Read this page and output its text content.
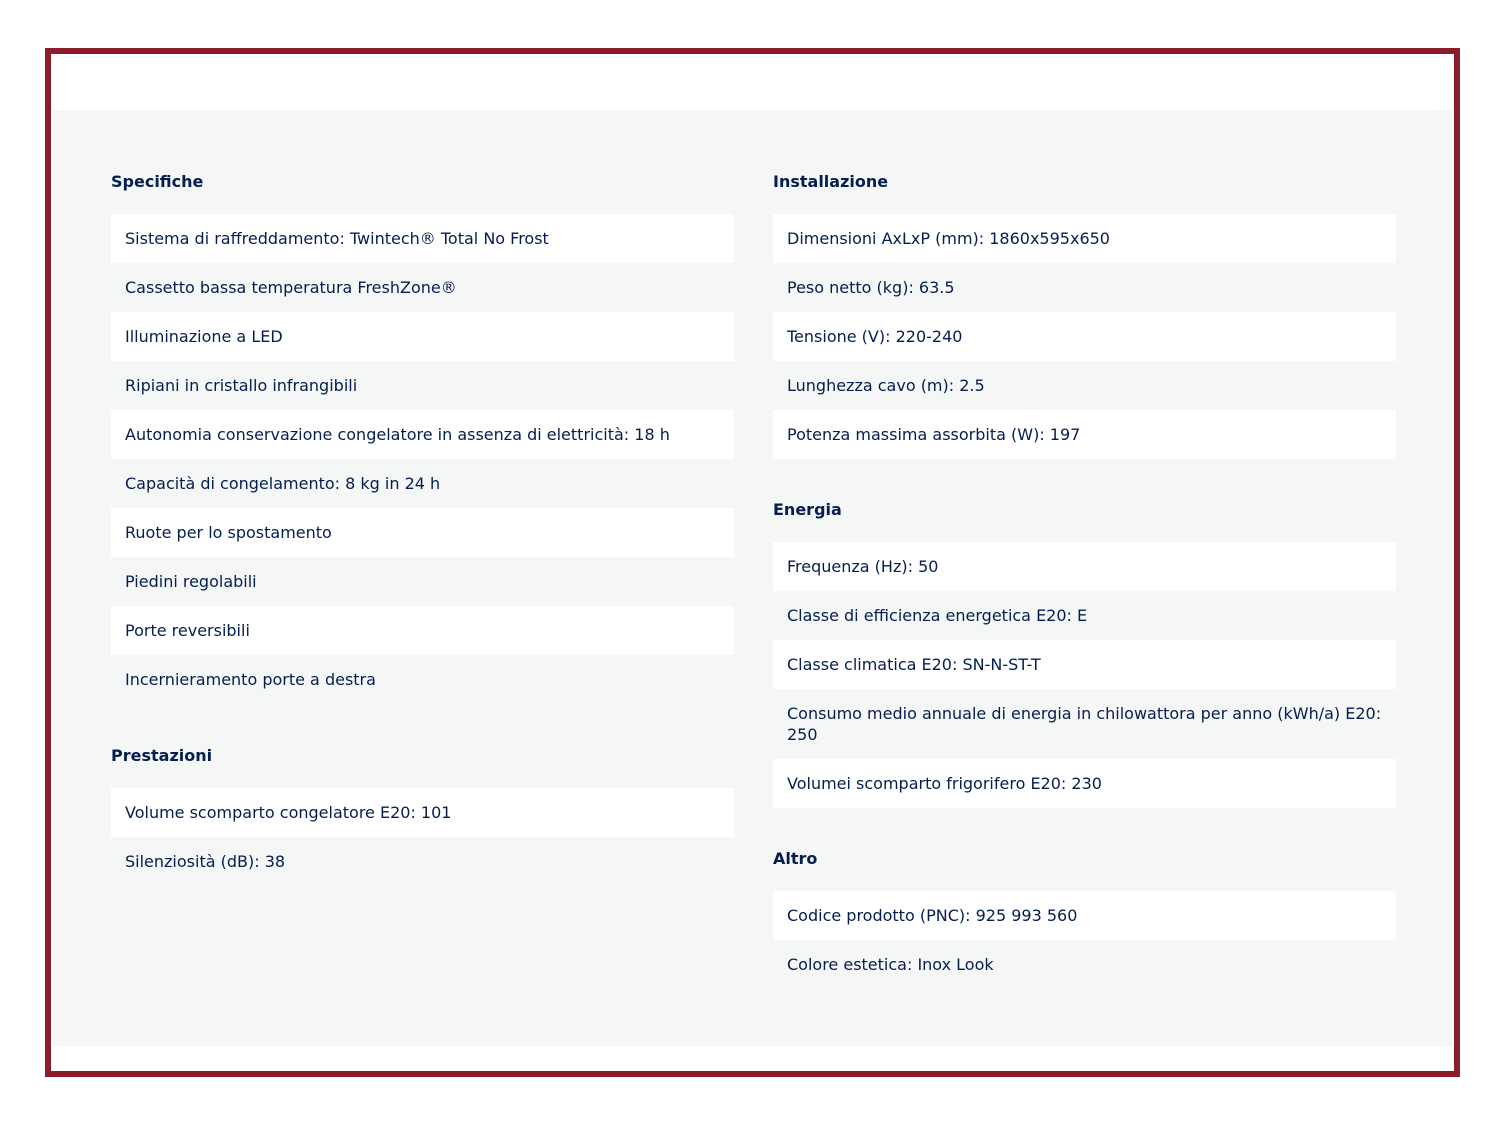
Specifiche
Sistema di raffreddamento: Twintech® Total No Frost
Cassetto bassa temperatura FreshZone®
Illuminazione a LED
Ripiani in cristallo infrangibili
Autonomia conservazione congelatore in assenza di elettricità: 18 h
Capacità di congelamento: 8 kg in 24 h
Ruote per lo spostamento
Piedini regolabili
Porte reversibili
Incernieramento porte a destra
Prestazioni
Volume scomparto congelatore E20: 101
Silenziosità (dB): 38
Installazione
Dimensioni AxLxP (mm): 1860x595x650
Peso netto (kg): 63.5
Tensione (V): 220-240
Lunghezza cavo (m): 2.5
Potenza massima assorbita (W): 197
Energia
Frequenza (Hz): 50
Classe di efficienza energetica E20: E
Classe climatica E20: SN-N-ST-T
Consumo medio annuale di energia in chilowattora per anno (kWh/a) E20: 250
Volumei scomparto frigorifero E20: 230
Altro
Codice prodotto (PNC): 925 993 560
Colore estetica: Inox Look
